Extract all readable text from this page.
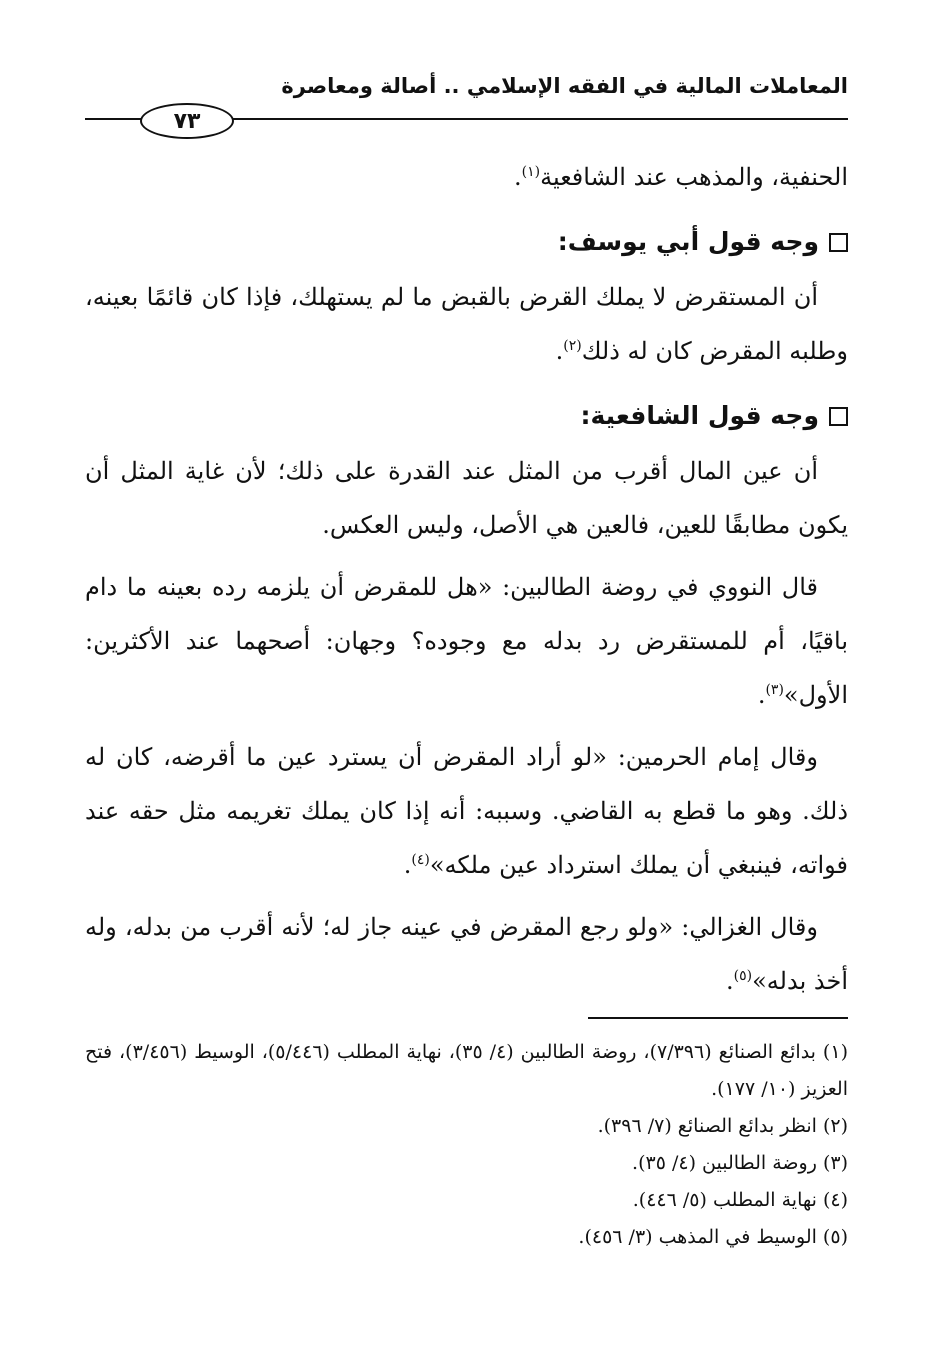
المعاملات المالية في الفقه الإسلامي .. أصالة ومعاصرة
٧٣

الحنفية، والمذهب عند الشافعية$^{(١)}$.

وجه قول أبي يوسف:

أن المستقرض لا يملك القرض بالقبض ما لم يستهلك، فإذا كان قائمًا بعينه، وطلبه المقرض كان له ذلك$^{(٢)}$.

وجه قول الشافعية:

أن عين المال أقرب من المثل عند القدرة على ذلك؛ لأن غاية المثل أن يكون مطابقًا للعين، فالعين هي الأصل، وليس العكس.

قال النووي في روضة الطالبين: «هل للمقرض أن يلزمه رده بعينه ما دام باقيًا، أم للمستقرض رد بدله مع وجوده؟ وجهان: أصحهما عند الأكثرين: الأول»$^{(٣)}$.

وقال إمام الحرمين: «لو أراد المقرض أن يسترد عين ما أقرضه، كان له ذلك. وهو ما قطع به القاضي. وسببه: أنه إذا كان يملك تغريمه مثل حقه عند فواته، فينبغي أن يملك استرداد عين ملكه»$^{(٤)}$.

وقال الغزالي: «ولو رجع المقرض في عينه جاز له؛ لأنه أقرب من بدله، وله أخذ بدله»$^{(٥)}$.

(١) بدائع الصنائع (٧/٣٩٦)، روضة الطالبين (٤/ ٣٥)، نهاية المطلب (٥/٤٤٦)، الوسيط (٣/٤٥٦)، فتح العزيز (١٠/ ١٧٧).

(٢) انظر بدائع الصنائع (٧/ ٣٩٦).

(٣) روضة الطالبين (٤/ ٣٥).

(٤) نهاية المطلب (٥/ ٤٤٦).

(٥) الوسيط في المذهب (٣/ ٤٥٦).
